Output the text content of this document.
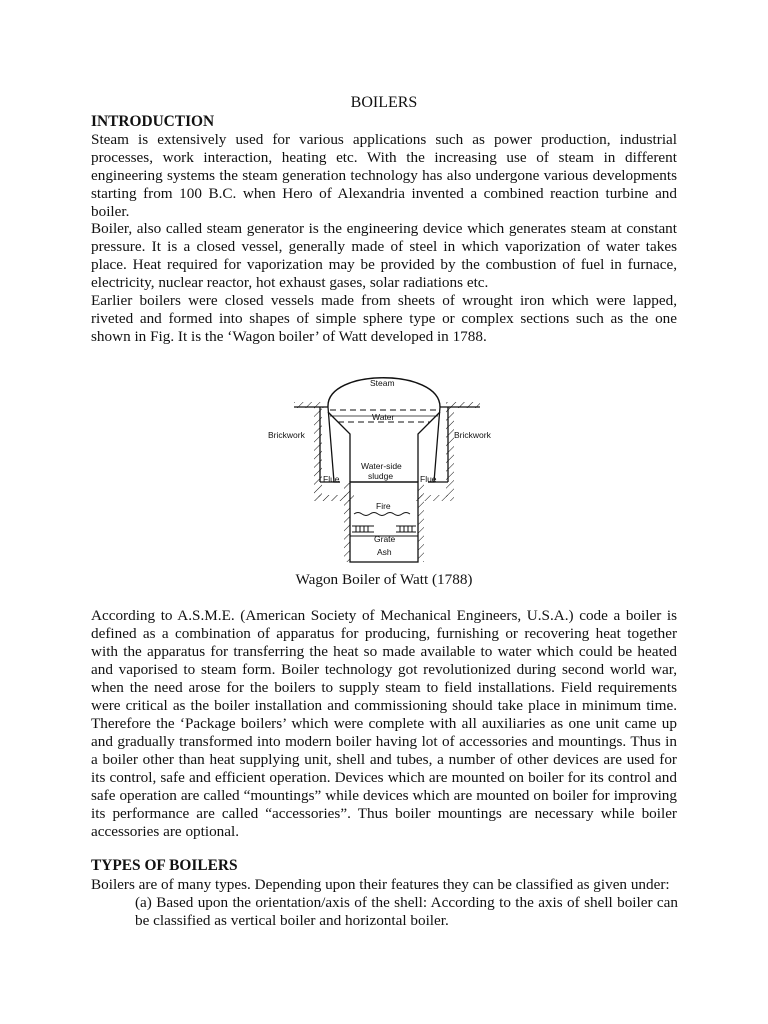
BOILERS
INTRODUCTION

Steam is extensively used for various applications such as power production, industrial processes, work interaction, heating etc. With the increasing use of steam in different engineering systems the steam generation technology has also undergone various developments starting from 100 B.C. when Hero of Alexandria invented a combined reaction turbine and boiler.

Boiler, also called steam generator is the engineering device which generates steam at constant pressure. It is a closed vessel, generally made of steel in which vaporization of water takes place. Heat required for vaporization may be provided by the combustion of fuel in furnace, electricity, nuclear reactor, hot exhaust gases, solar radiations etc.

Earlier boilers were closed vessels made from sheets of wrought iron which were lapped, riveted and formed into shapes of simple sphere type or complex sections such as the one shown in Fig. It is the ‘Wagon boiler’ of Watt developed in 1788.

Steam
Water
Brickwork	Brickwork
Water-side
sludge
Flue	Flue
Fire
Grate
Ash
Wagon Boiler of Watt (1788)

According to A.S.M.E. (American Society of Mechanical Engineers, U.S.A.) code a boiler is defined as a combination of apparatus for producing, furnishing or recovering heat together with the apparatus for transferring the heat so made available to water which could be heated and vaporised to steam form. Boiler technology got revolutionized during second world war, when the need arose for the boilers to supply steam to field installations. Field requirements were critical as the boiler installation and commissioning should take place in minimum time. Therefore the ‘Package boilers’ which were complete with all auxiliaries as one unit came up and gradually transformed into modern boiler having lot of accessories and mountings. Thus in a boiler other than heat supplying unit, shell and tubes, a number of other devices are used for its control, safe and efficient operation. Devices which are mounted on boiler for its control and safe operation are called “mountings” while devices which are mounted on boiler for improving its performance are called “accessories”. Thus boiler mountings are necessary while boiler accessories are optional.

TYPES OF BOILERS

Boilers are of many types. Depending upon their features they can be classified as given under:

(a) Based upon the orientation/axis of the shell: According to the axis of shell boiler can be classified as vertical boiler and horizontal boiler.
